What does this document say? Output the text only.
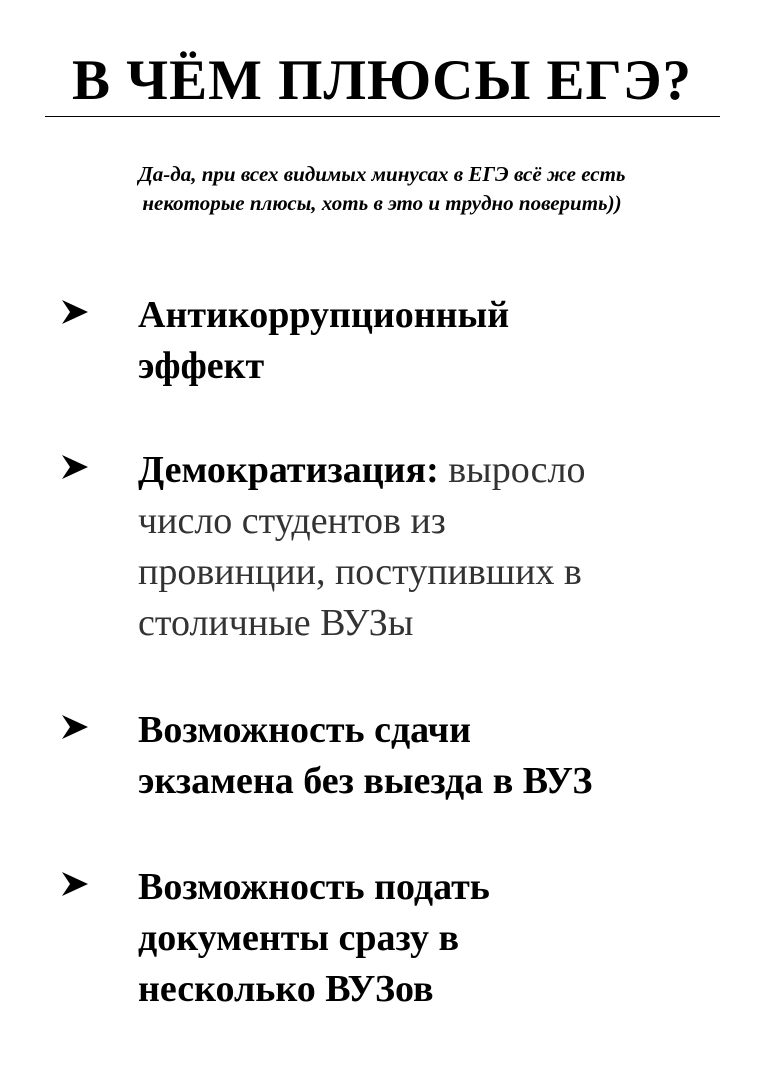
В ЧЁМ ПЛЮСЫ ЕГЭ?

Да-да, при всех видимых минусах в ЕГЭ всё же есть
некоторые плюсы, хоть в это и трудно поверить))

Антикоррупционный
эффект
Демократизация: выросло
число студентов из
провинции, поступивших в
столичные ВУЗы
Возможность сдачи
экзамена без выезда в ВУЗ
Возможность подать
документы сразу в
несколько ВУЗов
